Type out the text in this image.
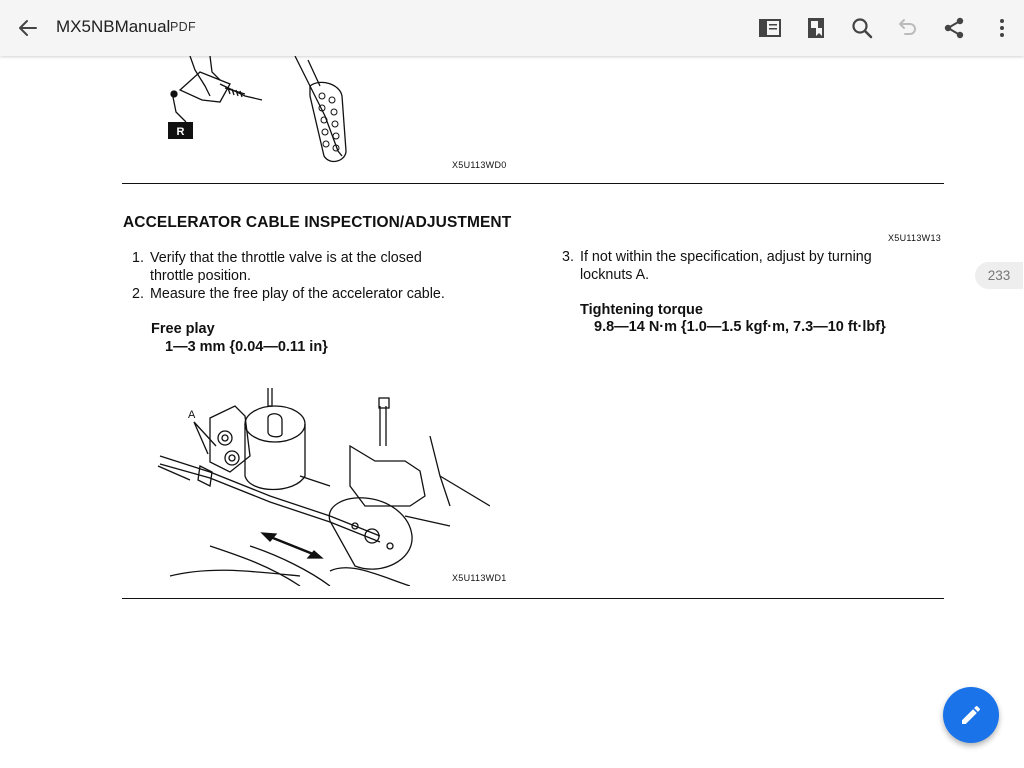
MX5NBManual PDF
R
X5U113WD0
ACCELERATOR CABLE INSPECTION/ADJUSTMENT
X5U113W13
1. Verify that the throttle valve is at the closed
throttle position.
2. Measure the free play of the accelerator cable.
Free play
1—3 mm {0.04—0.11 in}
3. If not within the specification, adjust by turning
locknuts A.
Tightening torque
9.8—14 N·m {1.0—1.5 kgf·m, 7.3—10 ft·lbf}
A
X5U113WD1
233
